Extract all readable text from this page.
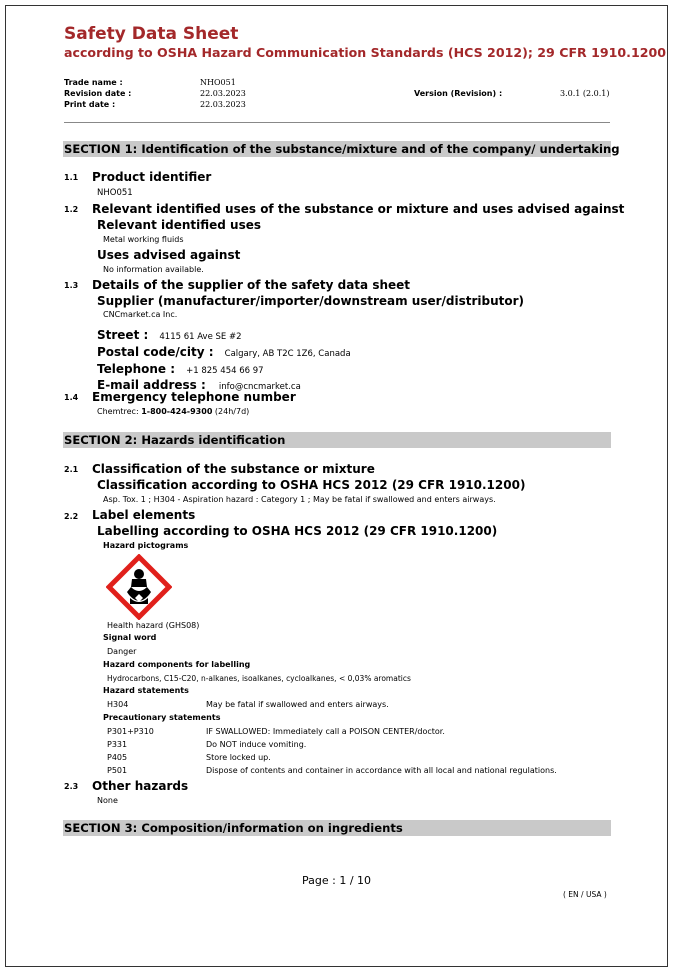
Safety Data Sheet
according to OSHA Hazard Communication Standards (HCS 2012); 29 CFR 1910.1200
Trade name :	NHO051
Revision date :	22.03.2023
Print date :	22.03.2023
Version (Revision) :	3.0.1 (2.0.1)
SECTION 1: Identification of the substance/mixture and of the company/ undertaking
1.1 Product identifier
NHO051
1.2 Relevant identified uses of the substance or mixture and uses advised against
Relevant identified uses
Metal working fluids
Uses advised against
No information available.
1.3 Details of the supplier of the safety data sheet
Supplier (manufacturer/importer/downstream user/distributor)
CNCmarket.ca Inc.
Street : 4115 61 Ave SE #2
Postal code/city : Calgary, AB T2C 1Z6, Canada
Telephone : +1 825 454 66 97
E-mail address : info@cncmarket.ca
1.4 Emergency telephone number
Chemtrec: 1-800-424-9300 (24h/7d)
SECTION 2: Hazards identification
2.1 Classification of the substance or mixture
Classification according to OSHA HCS 2012 (29 CFR 1910.1200)
Asp. Tox. 1 ; H304 - Aspiration hazard : Category 1 ; May be fatal if swallowed and enters airways.
2.2 Label elements
Labelling according to OSHA HCS 2012 (29 CFR 1910.1200)
Hazard pictograms
Health hazard (GHS08)
Signal word
Danger
Hazard components for labelling
Hydrocarbons, C15-C20, n-alkanes, isoalkanes, cycloalkanes, < 0,03% aromatics
Hazard statements
H304	May be fatal if swallowed and enters airways.
Precautionary statements
P301+P310	IF SWALLOWED: Immediately call a POISON CENTER/doctor.
P331	Do NOT induce vomiting.
P405	Store locked up.
P501	Dispose of contents and container in accordance with all local and national regulations.
2.3 Other hazards
None
SECTION 3: Composition/information on ingredients
Page : 1 / 10
( EN / USA )
